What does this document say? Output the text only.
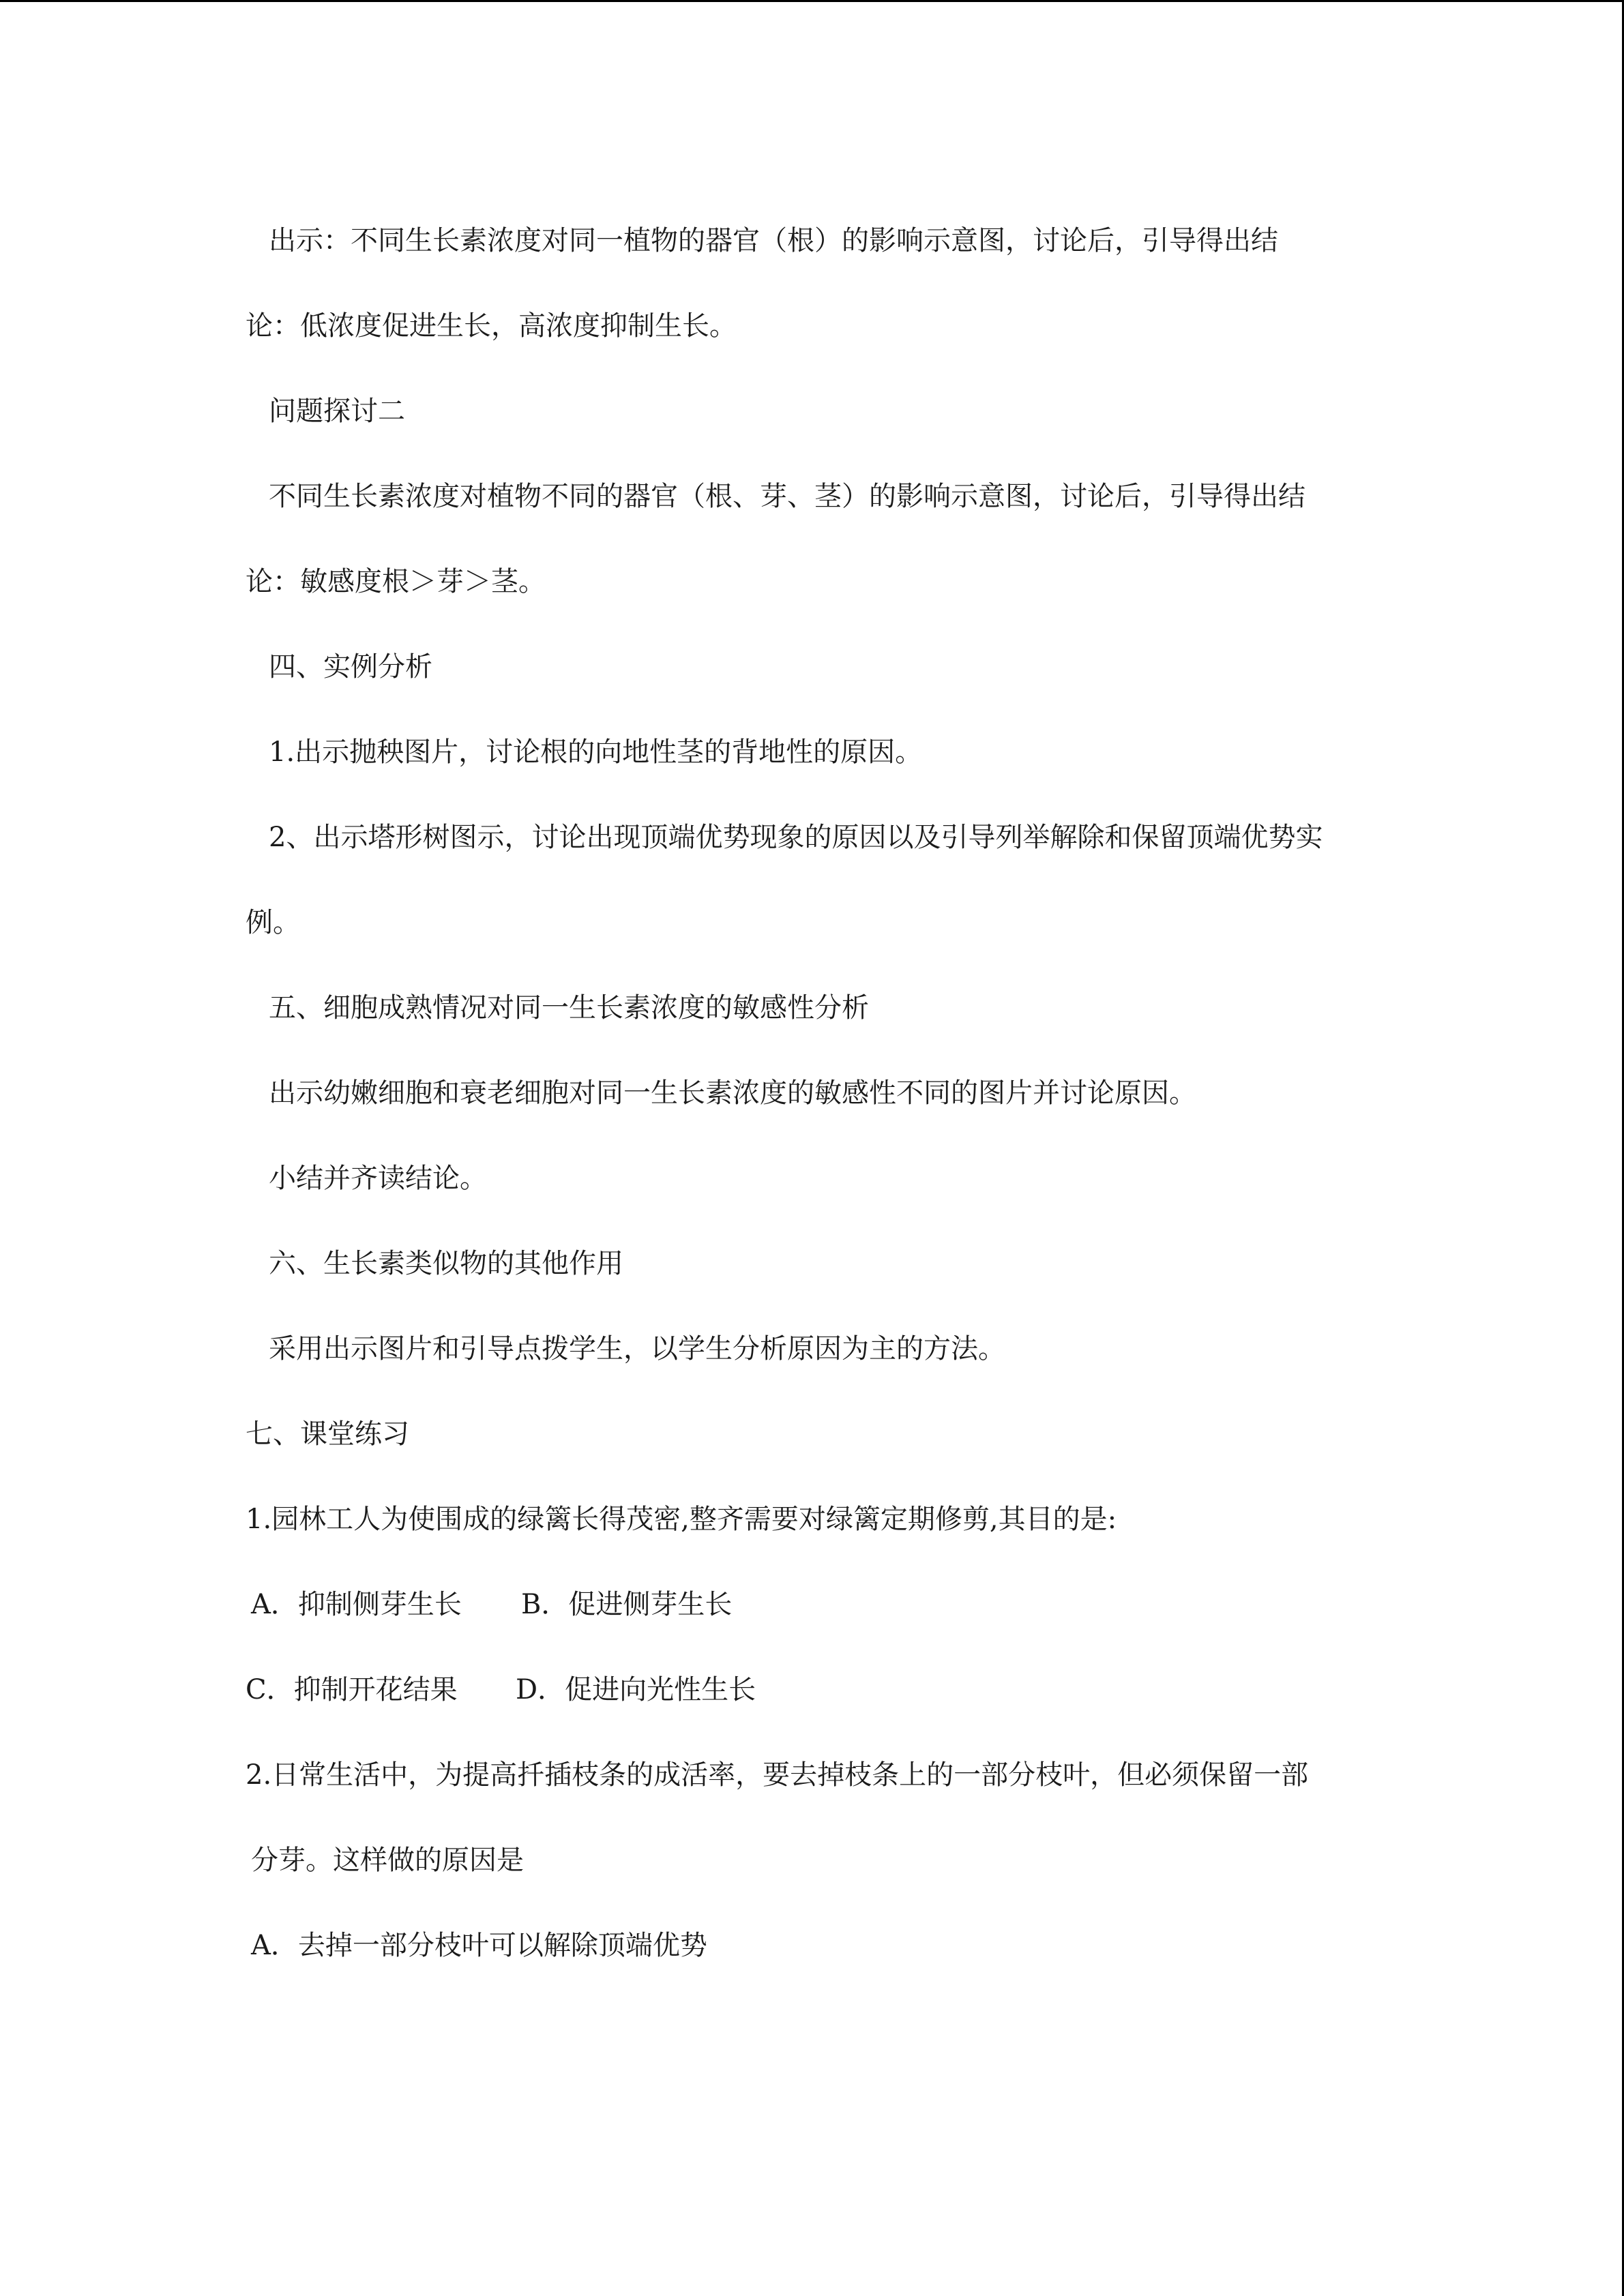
出示：不同生长素浓度对同一植物的器官（根）的影响示意图，讨论后，引导得出结
论：低浓度促进生长，高浓度抑制生长。
问题探讨二
不同生长素浓度对植物不同的器官（根、芽、茎）的影响示意图，讨论后，引导得出结
论：敏感度根＞芽＞茎。
四、实例分析
1.出示抛秧图片，讨论根的向地性茎的背地性的原因。
2、出示塔形树图示，讨论出现顶端优势现象的原因以及引导列举解除和保留顶端优势实
例。
五、细胞成熟情况对同一生长素浓度的敏感性分析
出示幼嫩细胞和衰老细胞对同一生长素浓度的敏感性不同的图片并讨论原因。
小结并齐读结论。
六、生长素类似物的其他作用
采用出示图片和引导点拨学生，以学生分析原因为主的方法。
七、课堂练习
1.园林工人为使围成的绿篱长得茂密,整齐需要对绿篱定期修剪,其目的是:
A．抑制侧芽生长	B．促进侧芽生长
C．抑制开花结果	D．促进向光性生长
2.日常生活中，为提高扦插枝条的成活率，要去掉枝条上的一部分枝叶，但必须保留一部
分芽。这样做的原因是
A．去掉一部分枝叶可以解除顶端优势
